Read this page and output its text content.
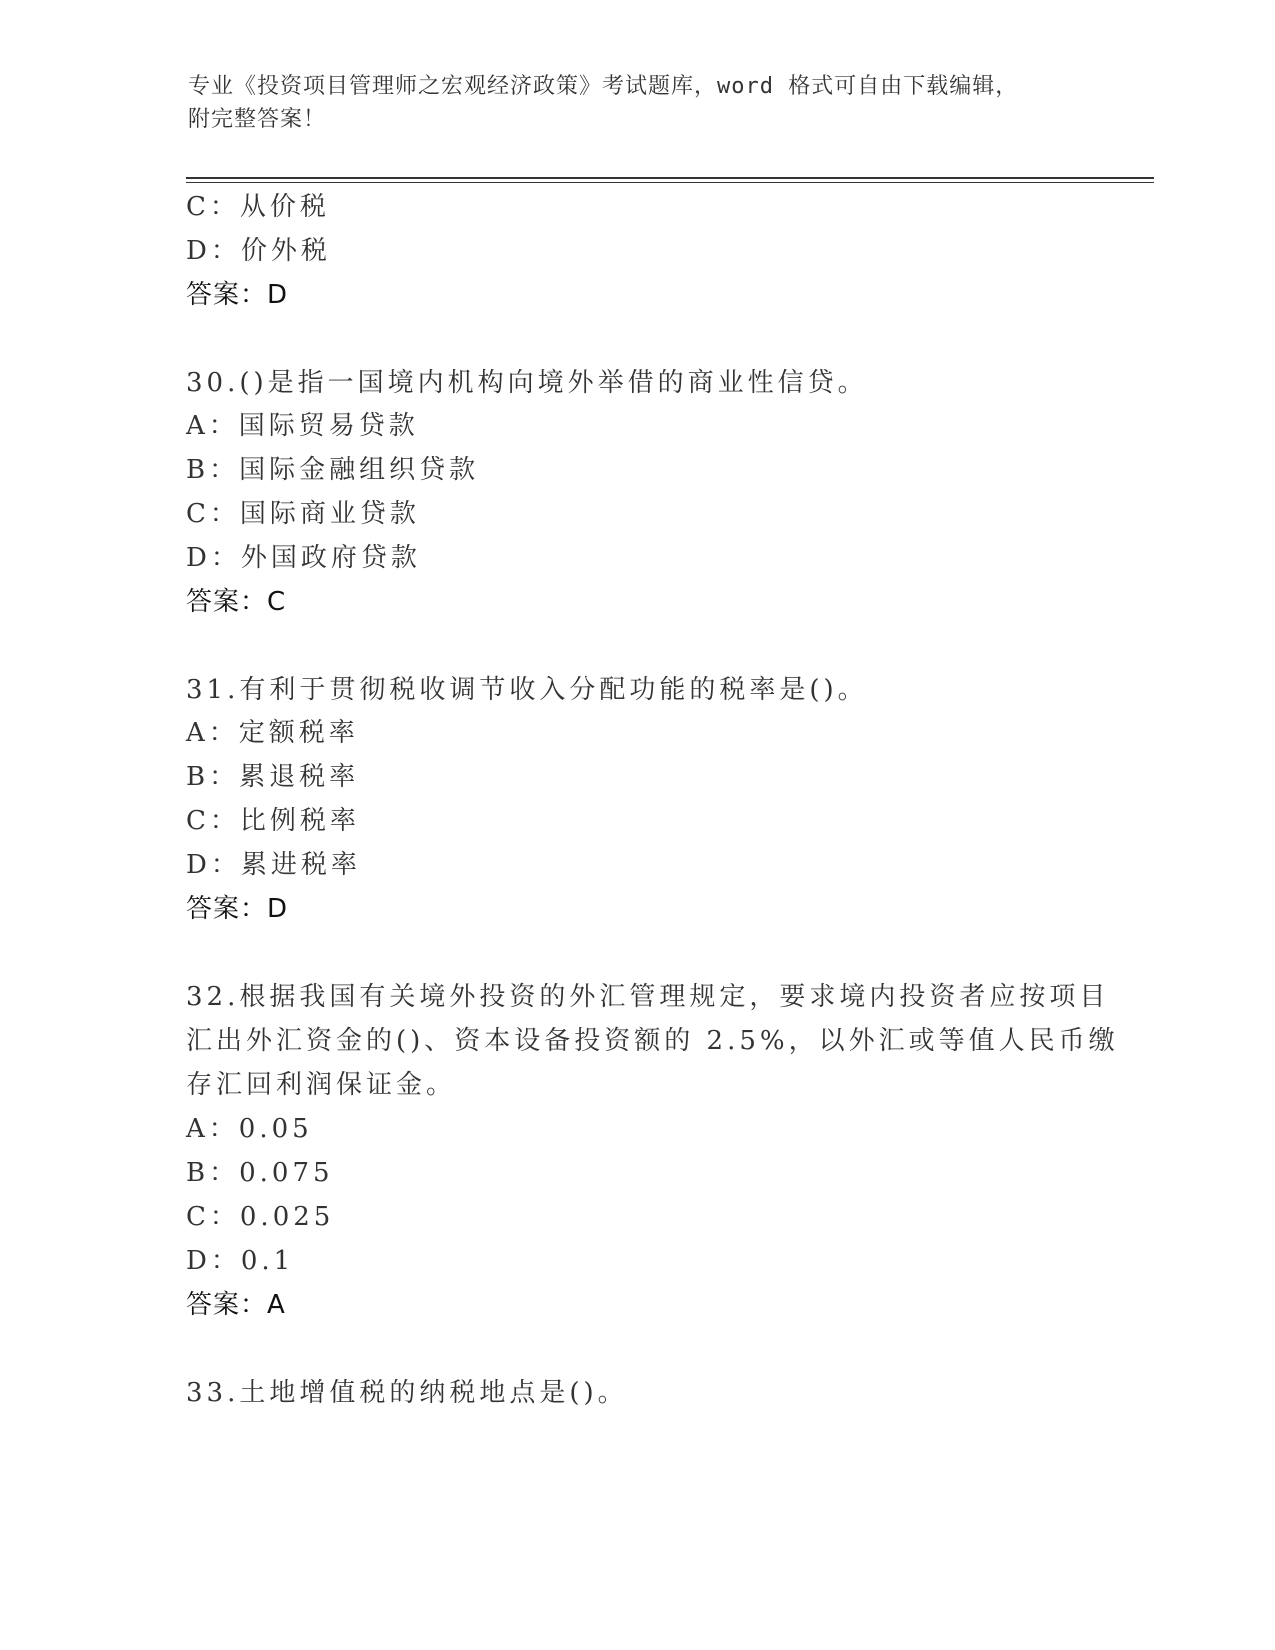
专业《投资项目管理师之宏观经济政策》考试题库，word 格式可自由下载编辑，
附完整答案！
C：从价税
D：价外税
答案：D
30.()是指一国境内机构向境外举借的商业性信贷。
A：国际贸易贷款
B：国际金融组织贷款
C：国际商业贷款
D：外国政府贷款
答案：C
31.有利于贯彻税收调节收入分配功能的税率是()。
A：定额税率
B：累退税率
C：比例税率
D：累进税率
答案：D
32.根据我国有关境外投资的外汇管理规定，要求境内投资者应按项目
汇出外汇资金的()、资本设备投资额的 2.5%，以外汇或等值人民币缴
存汇回利润保证金。
A：0.05
B：0.075
C：0.025
D：0.1
答案：A
33.土地增值税的纳税地点是()。
